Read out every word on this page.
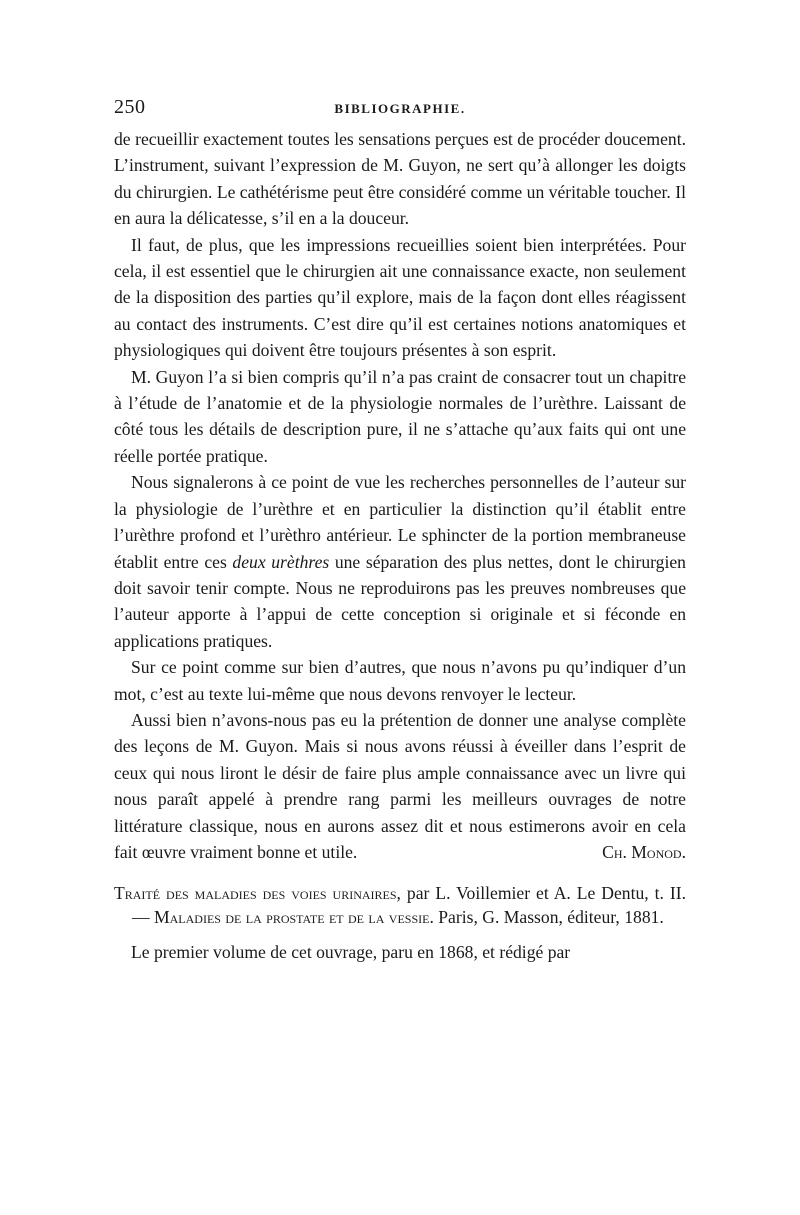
250	BIBLIOGRAPHIE.

de recueillir exactement toutes les sensations perçues est de procéder doucement. L’instrument, suivant l’expression de M. Guyon, ne sert qu’à allonger les doigts du chirurgien. Le cathétérisme peut être considéré comme un véritable toucher. Il en aura la délicatesse, s’il en a la douceur.

Il faut, de plus, que les impressions recueillies soient bien interprétées. Pour cela, il est essentiel que le chirurgien ait une connaissance exacte, non seulement de la disposition des parties qu’il explore, mais de la façon dont elles réagissent au contact des instruments. C’est dire qu’il est certaines notions anatomiques et physiologiques qui doivent être toujours présentes à son esprit.

M. Guyon l’a si bien compris qu’il n’a pas craint de consacrer tout un chapitre à l’étude de l’anatomie et de la physiologie normales de l’urèthre. Laissant de côté tous les détails de description pure, il ne s’attache qu’aux faits qui ont une réelle portée pratique.

Nous signalerons à ce point de vue les recherches personnelles de l’auteur sur la physiologie de l’urèthre et en particulier la distinction qu’il établit entre l’urèthre profond et l’urèthro antérieur. Le sphincter de la portion membraneuse établit entre ces deux urèthres une séparation des plus nettes, dont le chirurgien doit savoir tenir compte. Nous ne reproduirons pas les preuves nombreuses que l’auteur apporte à l’appui de cette conception si originale et si féconde en applications pratiques.

Sur ce point comme sur bien d’autres, que nous n’avons pu qu’indiquer d’un mot, c’est au texte lui-même que nous devons renvoyer le lecteur.

Aussi bien n’avons-nous pas eu la prétention de donner une analyse complète des leçons de M. Guyon. Mais si nous avons réussi à éveiller dans l’esprit de ceux qui nous liront le désir de faire plus ample connaissance avec un livre qui nous paraît appelé à prendre rang parmi les meilleurs ouvrages de notre littérature classique, nous en aurons assez dit et nous estimerons avoir en cela fait œuvre vraiment bonne et utile.	Ch. Monod.

Traité des maladies des voies urinaires, par L. Voillemier et A. Le Dentu, t. II. — Maladies de la prostate et de la vessie. Paris, G. Masson, éditeur, 1881.

Le premier volume de cet ouvrage, paru en 1868, et rédigé par
